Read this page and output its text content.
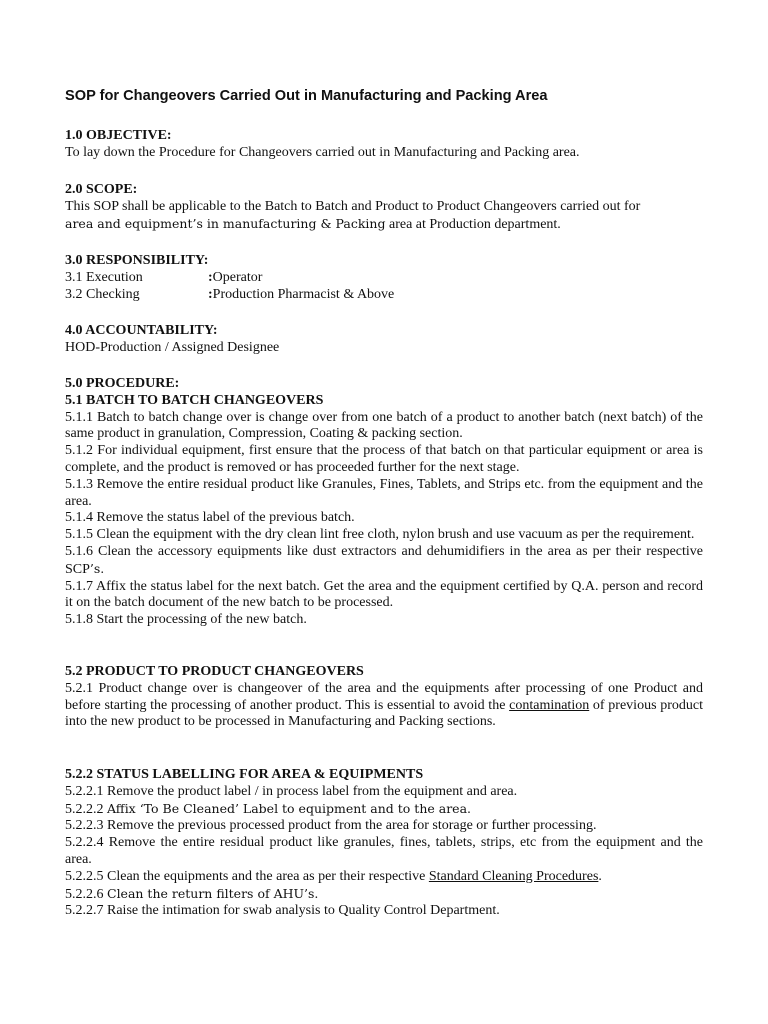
SOP for Changeovers Carried Out in Manufacturing and Packing Area

1.0 OBJECTIVE:

To lay down the Procedure for Changeovers carried out in Manufacturing and Packing area.

2.0 SCOPE:

This SOP shall be applicable to the Batch to Batch and Product to Product Changeovers carried out for

area and equipment’s in manufacturing & Packing area at Production department.

3.0 RESPONSIBILITY:

3.1 Execution	:Operator
3.2 Checking	:Production Pharmacist & Above

4.0 ACCOUNTABILITY:

HOD-Production / Assigned Designee

5.0 PROCEDURE:

5.1 BATCH TO BATCH CHANGEOVERS

5.1.1 Batch to batch change over is change over from one batch of a product to another batch (next batch) of the same product in granulation, Compression, Coating & packing section.

5.1.2 For individual equipment, first ensure that the process of that batch on that particular equipment or area is complete, and the product is removed or has proceeded further for the next stage.

5.1.3 Remove the entire residual product like Granules, Fines, Tablets, and Strips etc. from the equipment and the area.

5.1.4 Remove the status label of the previous batch.

5.1.5 Clean the equipment with the dry clean lint free cloth, nylon brush and use vacuum as per the requirement.

5.1.6 Clean the accessory equipments like dust extractors and dehumidifiers in the area as per their respective SCP’s.

5.1.7 Affix the status label for the next batch. Get the area and the equipment certified by Q.A. person and record it on the batch document of the new batch to be processed.

5.1.8 Start the processing of the new batch.

5.2 PRODUCT TO PRODUCT CHANGEOVERS

5.2.1 Product change over is changeover of the area and the equipments after processing of one Product and before starting the processing of another product. This is essential to avoid the contamination of previous product into the new product to be processed in Manufacturing and Packing sections.

5.2.2 STATUS LABELLING FOR AREA & EQUIPMENTS

5.2.2.1 Remove the product label / in process label from the equipment and area.

5.2.2.2 Affix ‘To Be Cleaned’ Label to equipment and to the area.

5.2.2.3 Remove the previous processed product from the area for storage or further processing.

5.2.2.4 Remove the entire residual product like granules, fines, tablets, strips, etc from the equipment and the area.

5.2.2.5 Clean the equipments and the area as per their respective Standard Cleaning Procedures.

5.2.2.6 Clean the return filters of AHU’s.

5.2.2.7 Raise the intimation for swab analysis to Quality Control Department.
